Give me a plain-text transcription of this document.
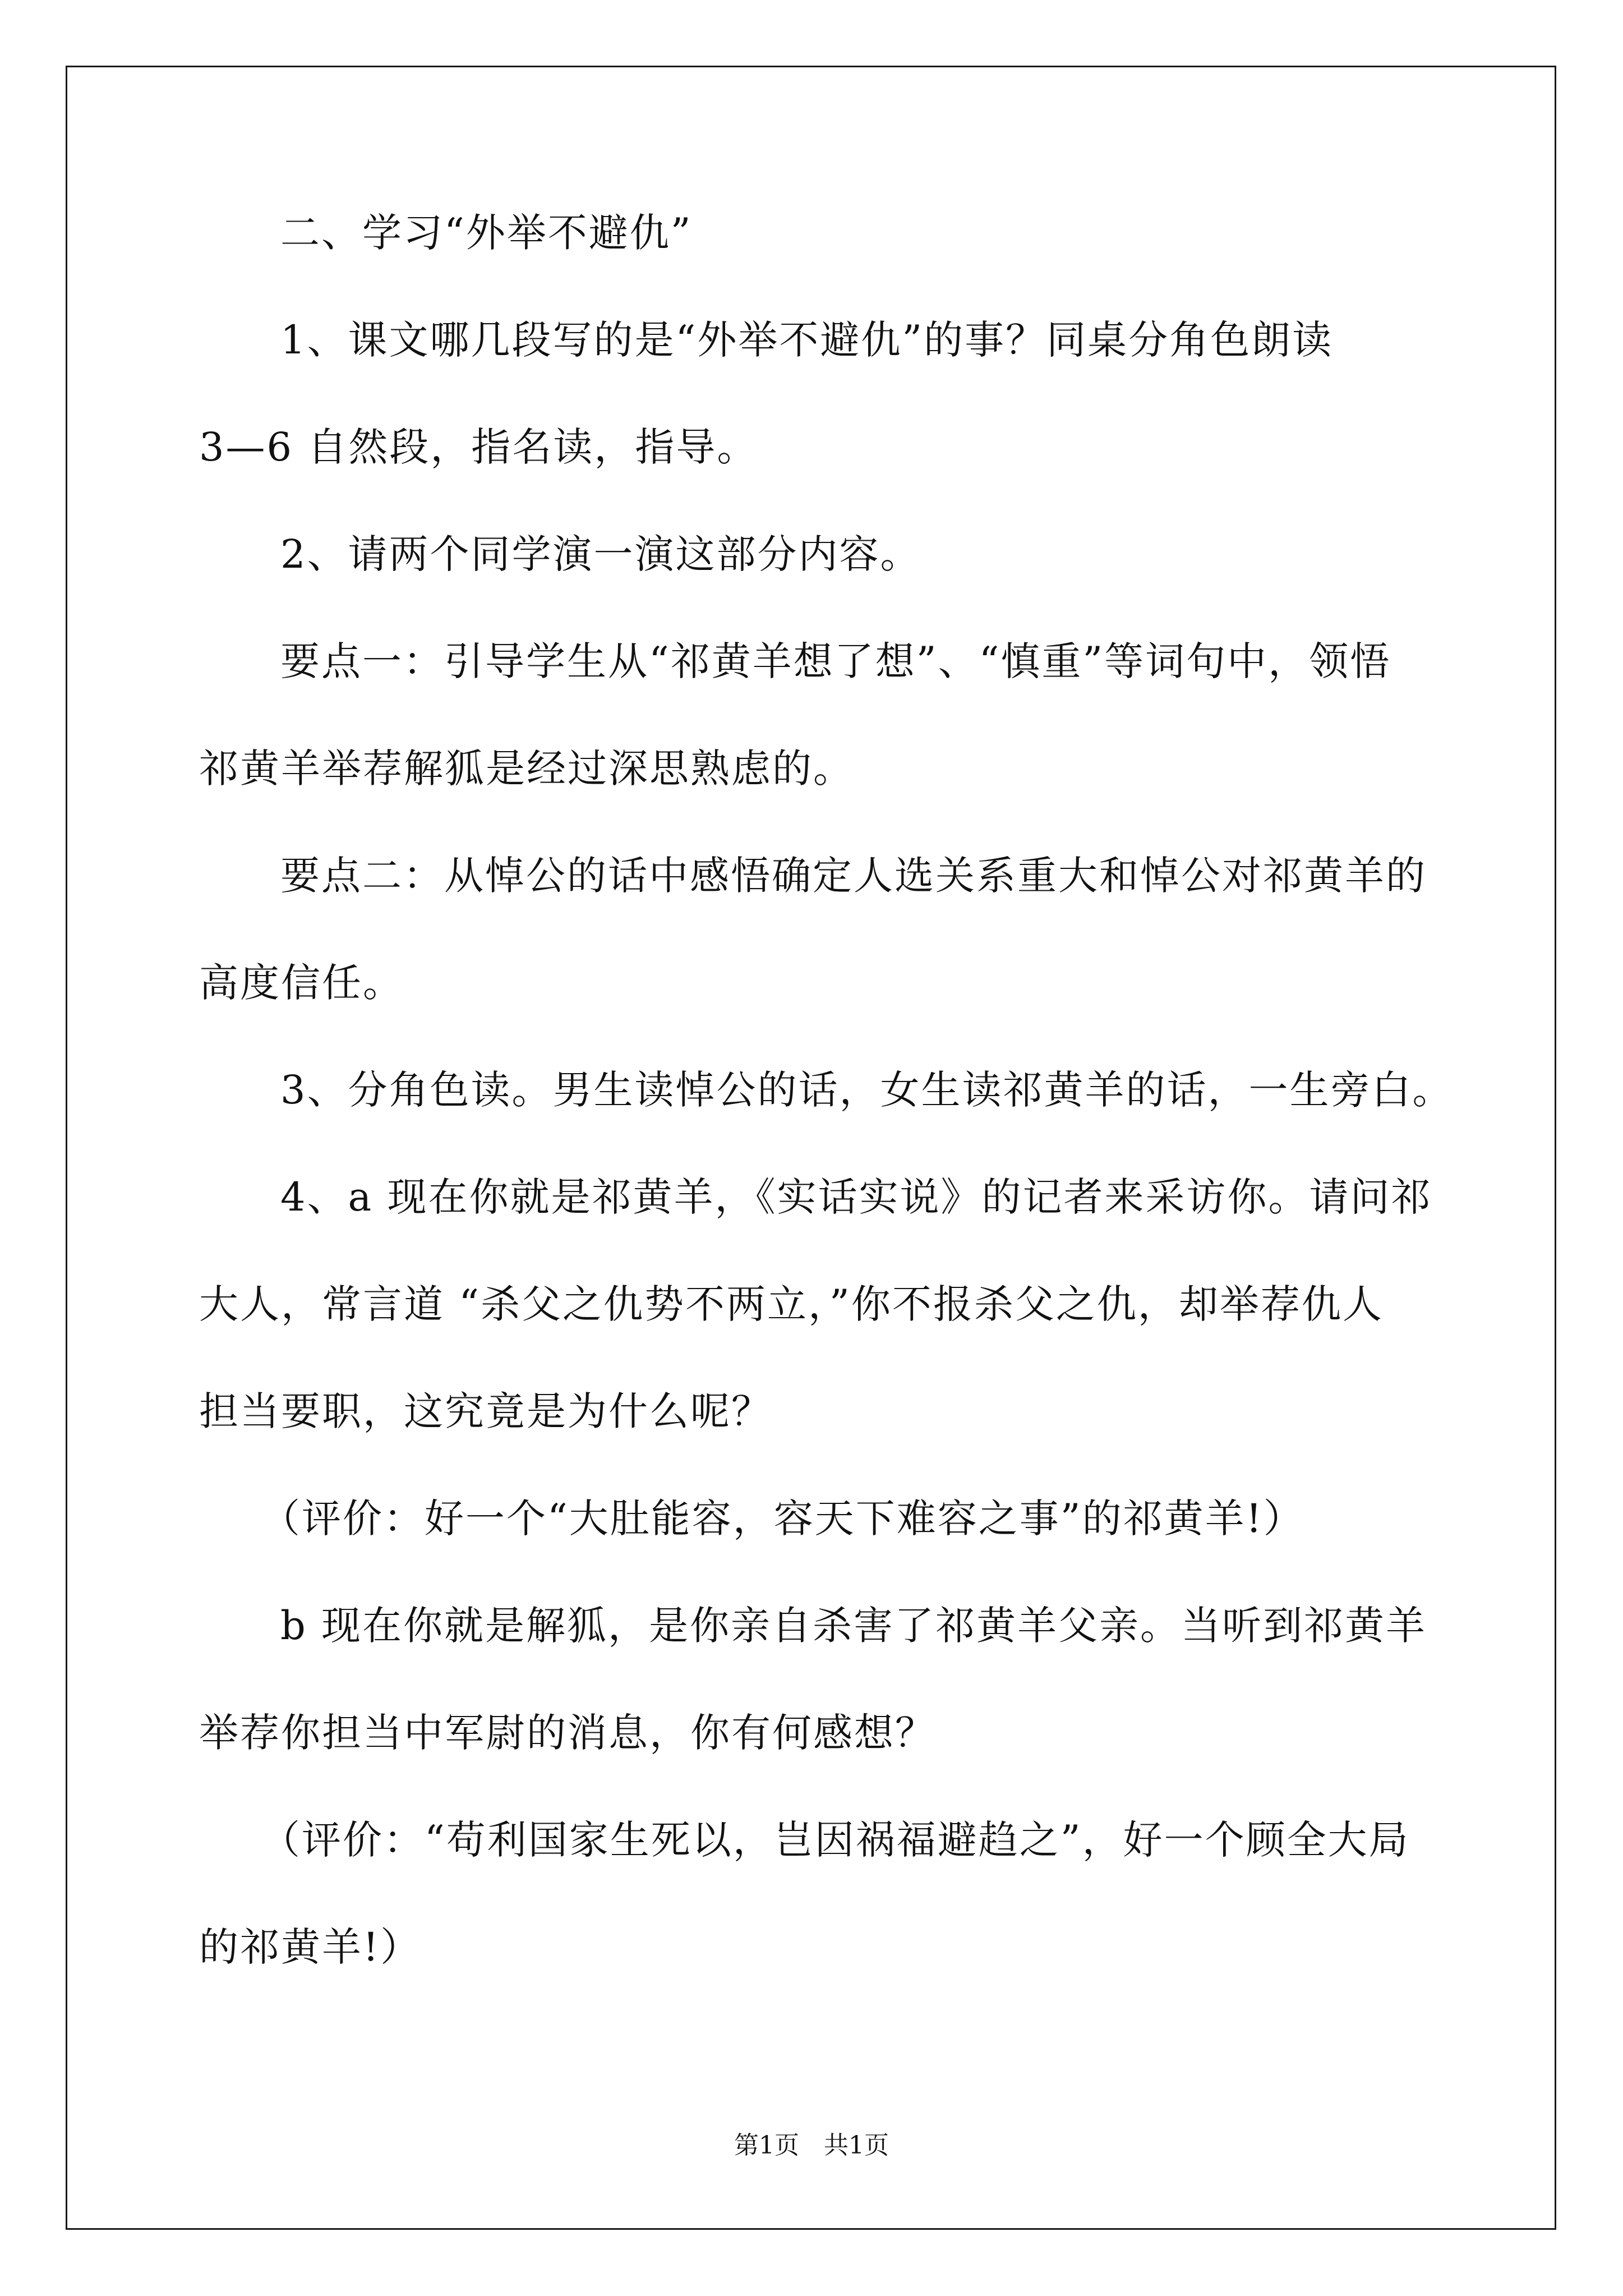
二、学习“外举不避仇”
1、课文哪几段写的是“外举不避仇”的事？同桌分角色朗读
3—6 自然段，指名读，指导。
2、请两个同学演一演这部分内容。
要点一：引导学生从“祁黄羊想了想”、“慎重”等词句中，领悟
祁黄羊举荐解狐是经过深思熟虑的。
要点二：从悼公的话中感悟确定人选关系重大和悼公对祁黄羊的
高度信任。
3、分角色读。男生读悼公的话，女生读祁黄羊的话，一生旁白。
4、a 现在你就是祁黄羊，《实话实说》的记者来采访你。请问祁
大人，常言道 “杀父之仇势不两立，”你不报杀父之仇，却举荐仇人
担当要职，这究竟是为什么呢？
（评价：好一个“大肚能容，容天下难容之事”的祁黄羊!）
b 现在你就是解狐，是你亲自杀害了祁黄羊父亲。当听到祁黄羊
举荐你担当中军尉的消息，你有何感想？
（评价：“苟利国家生死以，岂因祸福避趋之”，好一个顾全大局
的祁黄羊!）
第1页 共1页
